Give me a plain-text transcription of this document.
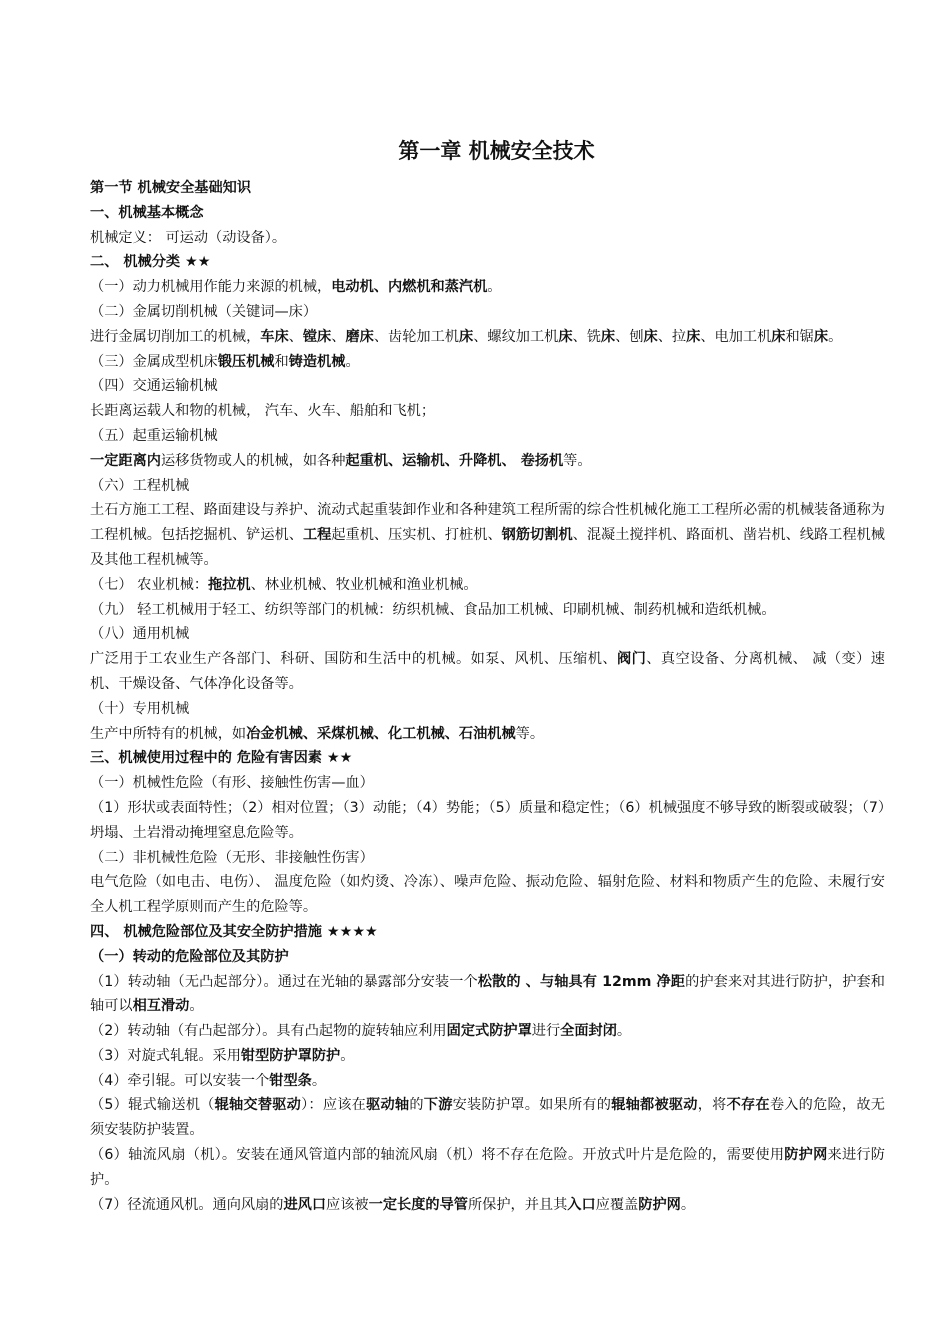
第一章 机械安全技术
第一节 机械安全基础知识
一、机械基本概念
机械定义： 可运动（动设备）。
二、 机械分类 ★★
（一）动力机械用作能力来源的机械，电动机、内燃机和蒸汽机。
（二）金属切削机械（关键词—床）
进行金属切削加工的机械，车床、镗床、磨床、齿轮加工机床、螺纹加工机床、铣床、刨床、拉床、电加工机床和锯床。
（三）金属成型机床锻压机械和铸造机械。
（四）交通运输机械
长距离运载人和物的机械， 汽车、火车、船舶和飞机；
（五）起重运输机械
一定距离内运移货物或人的机械，如各种起重机、运输机、升降机、 卷扬机等。
（六）工程机械
土石方施工工程、路面建设与养护、流动式起重装卸作业和各种建筑工程所需的综合性机械化施工工程所必需的机械装备通称为工程机械。包括挖掘机、铲运机、工程起重机、压实机、打桩机、钢筋切割机、混凝土搅拌机、路面机、凿岩机、线路工程机械及其他工程机械等。
（七） 农业机械：拖拉机、林业机械、牧业机械和渔业机械。
（九） 轻工机械用于轻工、纺织等部门的机械：纺织机械、食品加工机械、印刷机械、制药机械和造纸机械。
（八）通用机械
广泛用于工农业生产各部门、科研、国防和生活中的机械。如泵、风机、压缩机、阀门、真空设备、分离机械、 减（变）速机、干燥设备、气体净化设备等。
（十）专用机械
生产中所特有的机械，如冶金机械、采煤机械、化工机械、石油机械等。
三、机械使用过程中的 危险有害因素 ★★
（一）机械性危险（有形、接触性伤害—血）
（1）形状或表面特性；（2）相对位置；（3）动能；（4）势能；（5）质量和稳定性；（6）机械强度不够导致的断裂或破裂；（7）坍塌、土岩滑动掩埋窒息危险等。
（二）非机械性危险（无形、非接触性伤害）
电气危险（如电击、电伤）、 温度危险（如灼烫、冷冻）、噪声危险、振动危险、辐射危险、材料和物质产生的危险、未履行安全人机工程学原则而产生的危险等。
四、 机械危险部位及其安全防护措施 ★★★★
（一）转动的危险部位及其防护
（1）转动轴（无凸起部分）。通过在光轴的暴露部分安装一个松散的 、与轴具有 12mm 净距的护套来对其进行防护，护套和轴可以相互滑动。
（2）转动轴（有凸起部分）。具有凸起物的旋转轴应利用固定式防护罩进行全面封闭。
（3）对旋式轧辊。采用钳型防护罩防护。
（4）牵引辊。可以安装一个钳型条。
（5）辊式输送机（辊轴交替驱动）：应该在驱动轴的下游安装防护罩。如果所有的辊轴都被驱动，将不存在卷入的危险，故无须安装防护装置。
（6）轴流风扇（机）。安装在通风管道内部的轴流风扇（机）将不存在危险。开放式叶片是危险的，需要使用防护网来进行防护。
（7）径流通风机。通向风扇的进风口应该被一定长度的导管所保护，并且其入口应覆盖防护网。
